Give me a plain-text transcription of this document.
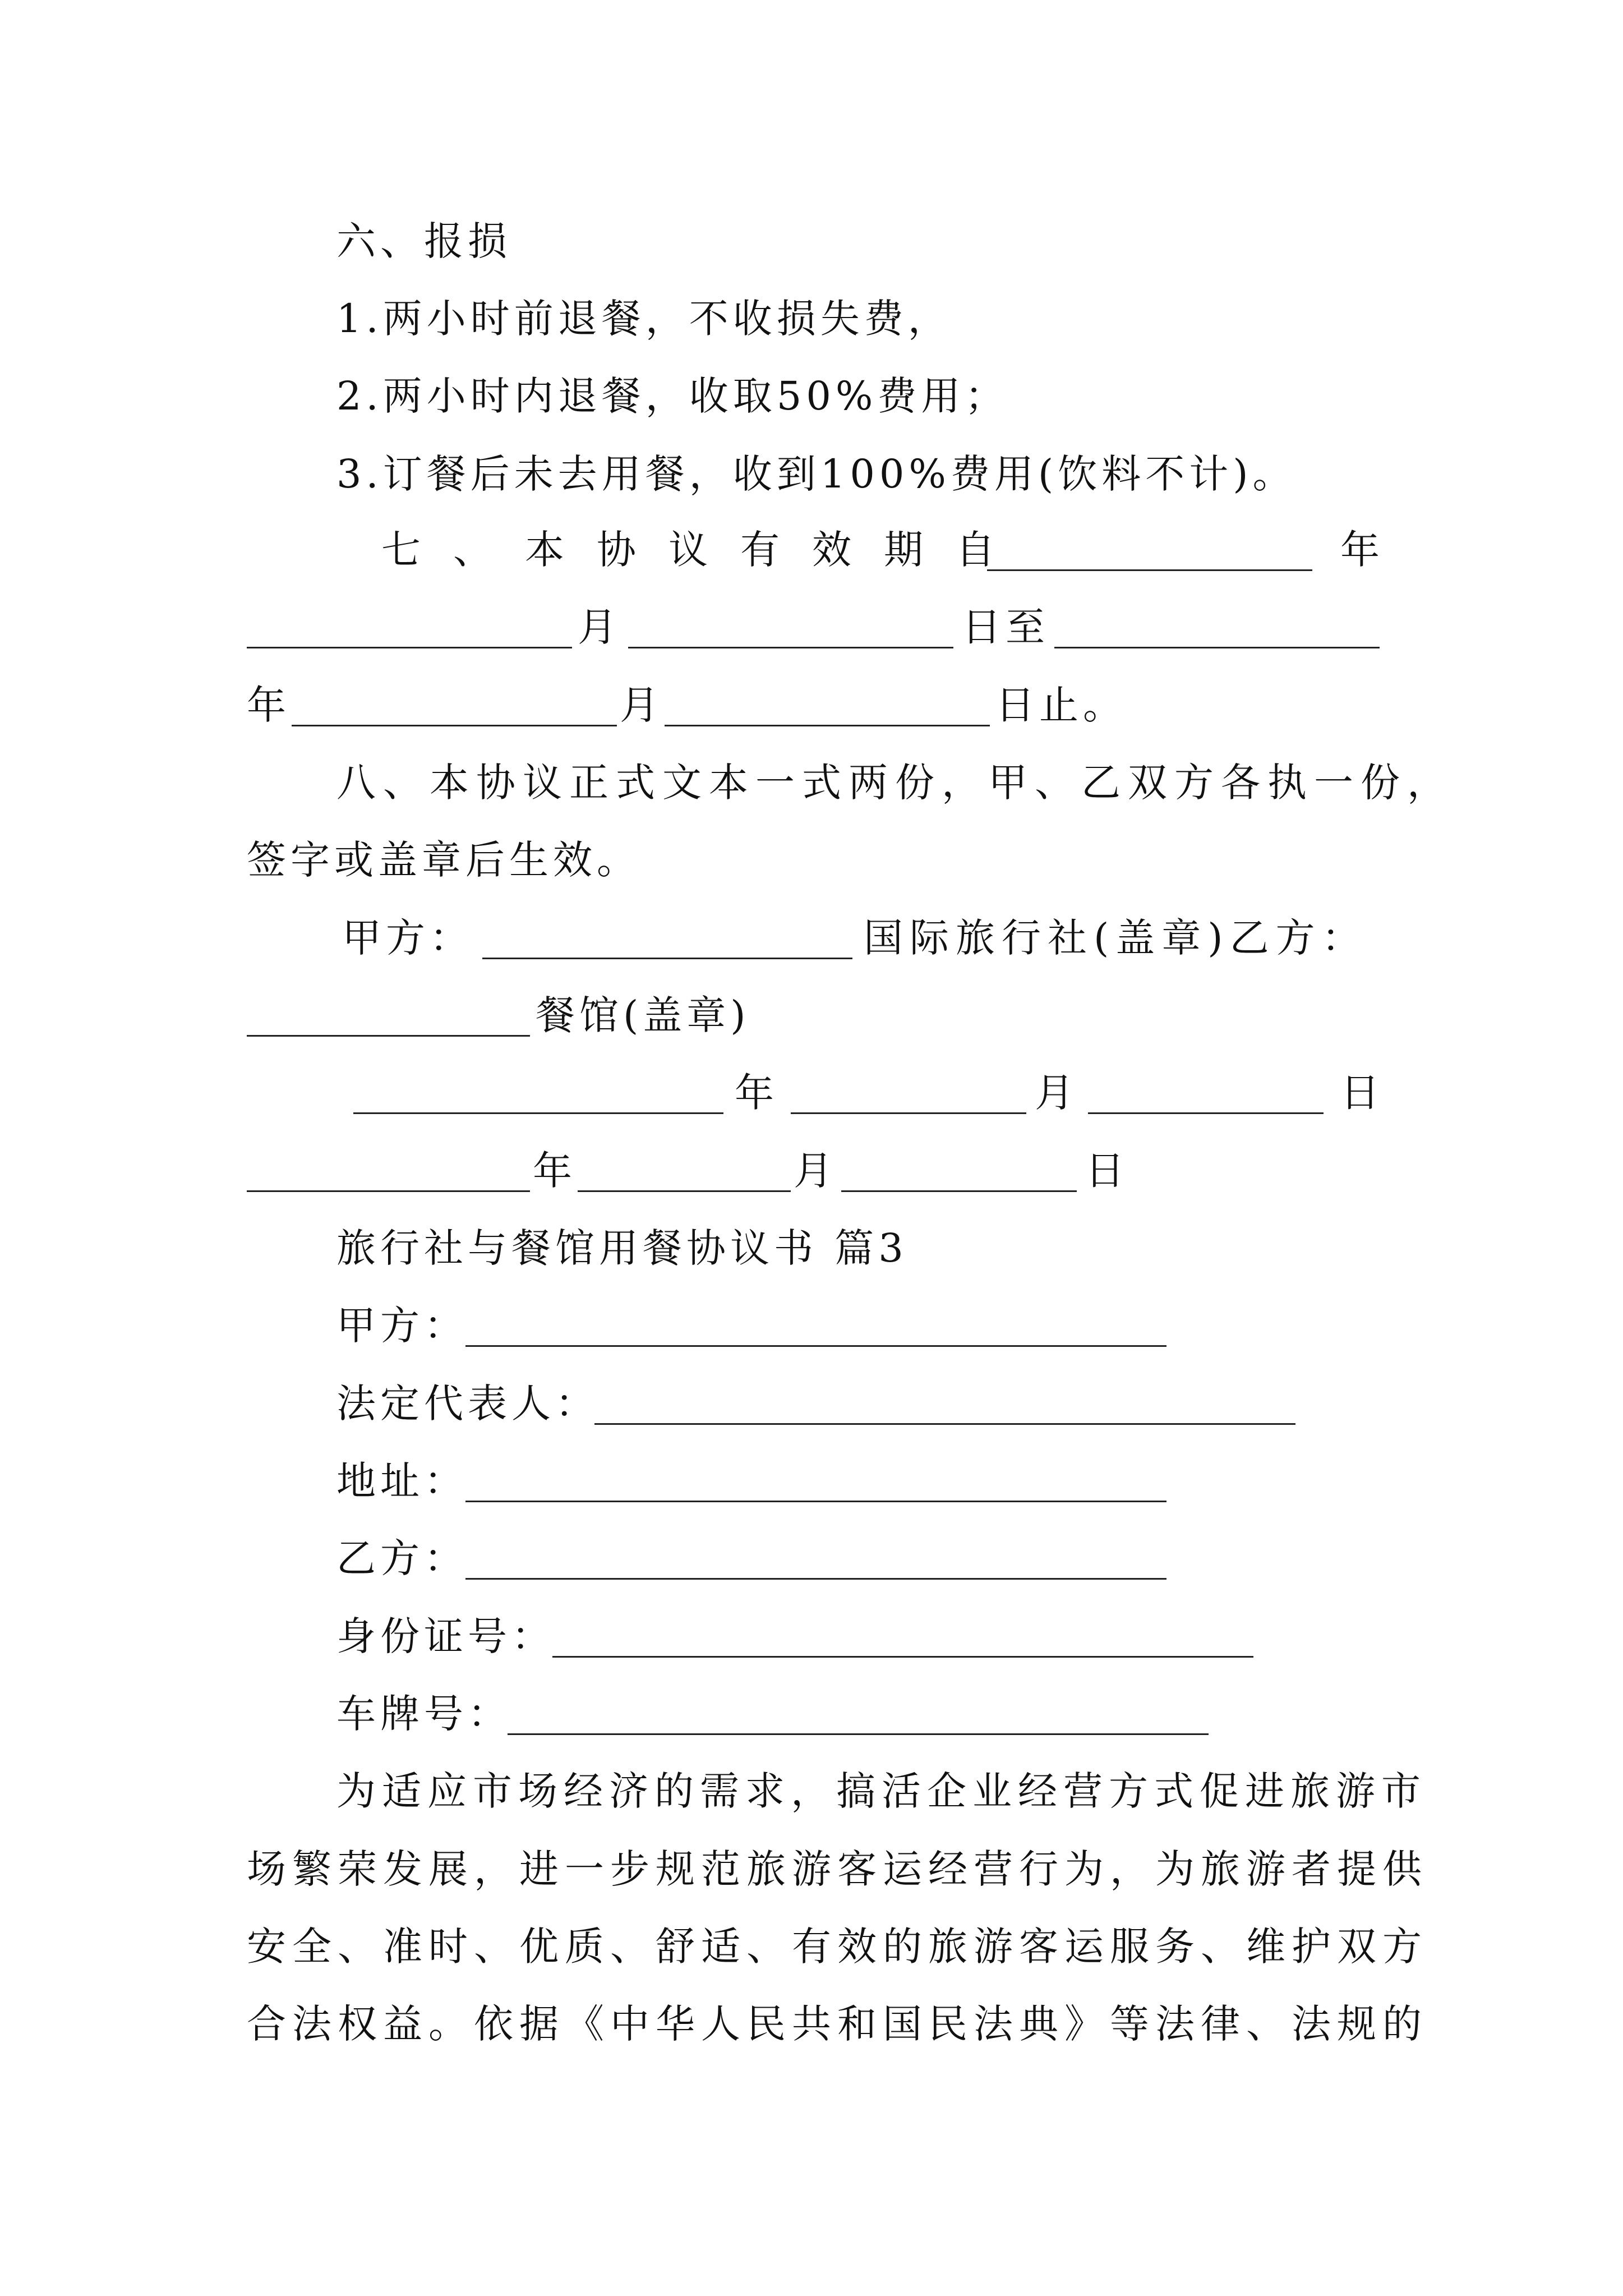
六、报损
1.两小时前退餐，不收损失费，
2.两小时内退餐，收取50%费用；
3.订餐后未去用餐，收到100%费用(饮料不计)。
七、本协议有效期自	年
月	日至
年	月	日止。
八、本协议正式文本一式两份，甲、乙双方各执一份，
签字或盖章后生效。
甲方：	国际旅行社(盖章)乙方：
餐馆(盖章)
年	月	日
年	月	日
旅行社与餐馆用餐协议书 篇3
甲方：
法定代表人：
地址：
乙方：
身份证号：
车牌号：
为适应市场经济的需求，搞活企业经营方式促进旅游市
场繁荣发展，进一步规范旅游客运经营行为，为旅游者提供
安全、准时、优质、舒适、有效的旅游客运服务、维护双方
合法权益。依据《中华人民共和国民法典》等法律、法规的
